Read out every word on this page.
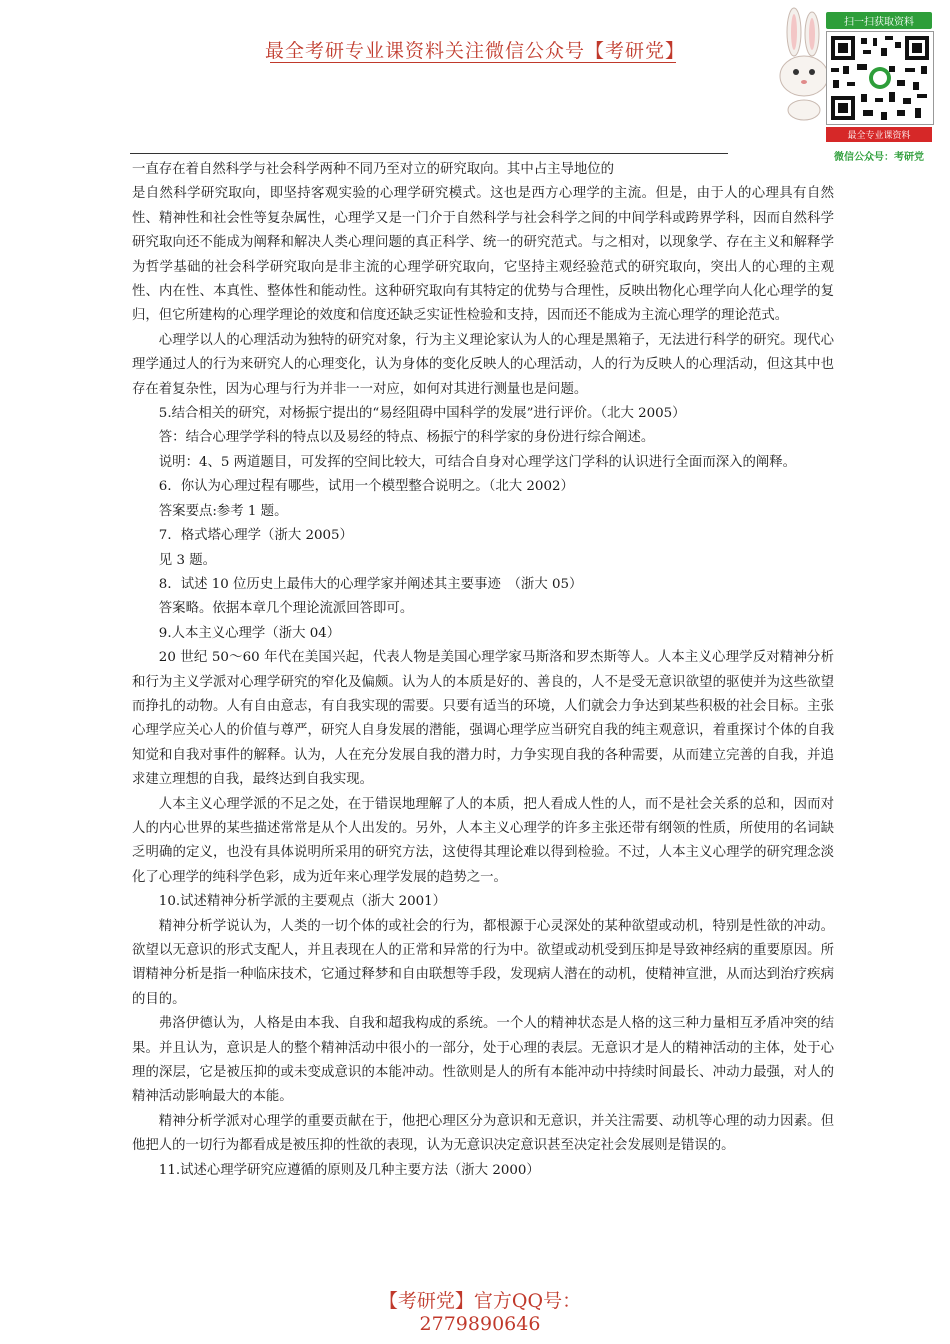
最全考研专业课资料关注微信公众号【考研党】
扫一扫获取资料
最全专业课资料
微信公众号：考研党

一直存在着自然科学与社会科学两种不同乃至对立的研究取向。其中占主导地位的

是自然科学研究取向，即坚持客观实验的心理学研究模式。这也是西方心理学的主流。但是，由于人的心理具有自然性、精神性和社会性等复杂属性，心理学又是一门介于自然科学与社会科学之间的中间学科或跨界学科，因而自然科学研究取向还不能成为阐释和解决人类心理问题的真正科学、统一的研究范式。与之相对，以现象学、存在主义和解释学为哲学基础的社会科学研究取向是非主流的心理学研究取向，它坚持主观经验范式的研究取向，突出人的心理的主观性、内在性、本真性、整体性和能动性。这种研究取向有其特定的优势与合理性，反映出物化心理学向人化心理学的复归，但它所建构的心理学理论的效度和信度还缺乏实证性检验和支持，因而还不能成为主流心理学的理论范式。

心理学以人的心理活动为独特的研究对象，行为主义理论家认为人的心理是黑箱子，无法进行科学的研究。现代心理学通过人的行为来研究人的心理变化，认为身体的变化反映人的心理活动，人的行为反映人的心理活动，但这其中也存在着复杂性，因为心理与行为并非一一对应，如何对其进行测量也是问题。

5.结合相关的研究，对杨振宁提出的“易经阻碍中国科学的发展”进行评价。（北大 2005）

答：结合心理学学科的特点以及易经的特点、杨振宁的科学家的身份进行综合阐述。

说明：4、5 两道题目，可发挥的空间比较大，可结合自身对心理学这门学科的认识进行全面而深入的阐释。

6．你认为心理过程有哪些，试用一个模型整合说明之。（北大 2002）

答案要点:参考 1 题。

7．格式塔心理学（浙大 2005）

见 3 题。

8．试述 10 位历史上最伟大的心理学家并阐述其主要事迹　（浙大 05）

答案略。依据本章几个理论流派回答即可。

9.人本主义心理学（浙大 04）

20 世纪 50～60 年代在美国兴起，代表人物是美国心理学家马斯洛和罗杰斯等人。人本主义心理学反对精神分析和行为主义学派对心理学研究的窄化及偏颇。认为人的本质是好的、善良的，人不是受无意识欲望的驱使并为这些欲望而挣扎的动物。人有自由意志，有自我实现的需要。只要有适当的环境，人们就会力争达到某些积极的社会目标。主张心理学应关心人的价值与尊严，研究人自身发展的潜能，强调心理学应当研究自我的纯主观意识，着重探讨个体的自我知觉和自我对事件的解释。认为，人在充分发展自我的潜力时，力争实现自我的各种需要，从而建立完善的自我，并追求建立理想的自我，最终达到自我实现。

人本主义心理学派的不足之处，在于错误地理解了人的本质，把人看成人性的人，而不是社会关系的总和，因而对人的内心世界的某些描述常常是从个人出发的。另外，人本主义心理学的许多主张还带有纲领的性质，所使用的名词缺乏明确的定义，也没有具体说明所采用的研究方法，这使得其理论难以得到检验。不过，人本主义心理学的研究理念淡化了心理学的纯科学色彩，成为近年来心理学发展的趋势之一。

10.试述精神分析学派的主要观点（浙大 2001）

精神分析学说认为，人类的一切个体的或社会的行为，都根源于心灵深处的某种欲望或动机，特别是性欲的冲动。欲望以无意识的形式支配人，并且表现在人的正常和异常的行为中。欲望或动机受到压抑是导致神经病的重要原因。所谓精神分析是指一种临床技术，它通过释梦和自由联想等手段，发现病人潜在的动机，使精神宣泄，从而达到治疗疾病的目的。

弗洛伊德认为，人格是由本我、自我和超我构成的系统。一个人的精神状态是人格的这三种力量相互矛盾冲突的结果。并且认为，意识是人的整个精神活动中很小的一部分，处于心理的表层。无意识才是人的精神活动的主体，处于心理的深层，它是被压抑的或未变成意识的本能冲动。性欲则是人的所有本能冲动中持续时间最长、冲动力最强，对人的精神活动影响最大的本能。

精神分析学派对心理学的重要贡献在于，他把心理区分为意识和无意识，并关注需要、动机等心理的动力因素。但他把人的一切行为都看成是被压抑的性欲的表现，认为无意识决定意识甚至决定社会发展则是错误的。

11.试述心理学研究应遵循的原则及几种主要方法（浙大 2000）

【考研党】官方QQ号：2779890646
